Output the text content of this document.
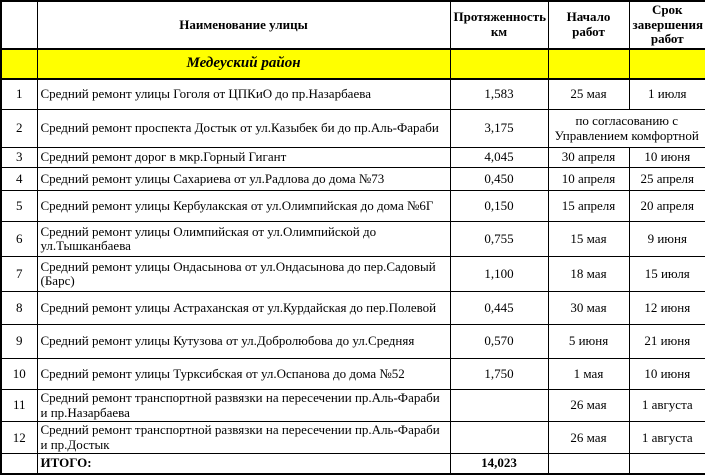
	Наименование улицы	Протяженность км	Начало работ	Срок завершения работ
	Медеуский район			
1	Средний ремонт улицы Гоголя от ЦПКиО до пр.Назарбаева	1,583	25 мая	1 июля
2	Средний ремонт проспекта Достык от ул.Казыбек би до пр.Аль-Фараби	3,175	по согласованию с Управлением комфортной	
3	Средний ремонт дорог в мкр.Горный Гигант	4,045	30 апреля	10 июня
4	Средний ремонт улицы Сахариева от ул.Радлова до дома №73	0,450	10 апреля	25 апреля
5	Средний ремонт улицы Кербулакская от ул.Олимпийская до дома №6Г	0,150	15 апреля	20 апреля
6	Средний ремонт улицы Олимпийская от ул.Олимпийской до ул.Тышканбаева	0,755	15 мая	9 июня
7	Средний ремонт улицы Ондасынова от ул.Ондасынова до пер.Садовый (Барс)	1,100	18 мая	15 июля
8	Средний ремонт улицы Астраханская от ул.Курдайская до пер.Полевой	0,445	30 мая	12 июня
9	Средний ремонт улицы Кутузова от ул.Добролюбова до ул.Средняя	0,570	5 июня	21 июня
10	Средний ремонт улицы Турксибская от ул.Оспанова до дома №52	1,750	1 мая	10 июня
11	Средний ремонт транспортной развязки на пересечении пр.Аль-Фараби и пр.Назарбаева		26 мая	1 августа
12	Средний ремонт транспортной развязки на пересечении пр.Аль-Фараби и пр.Достык		26 мая	1 августа
	ИТОГО:	14,023		
